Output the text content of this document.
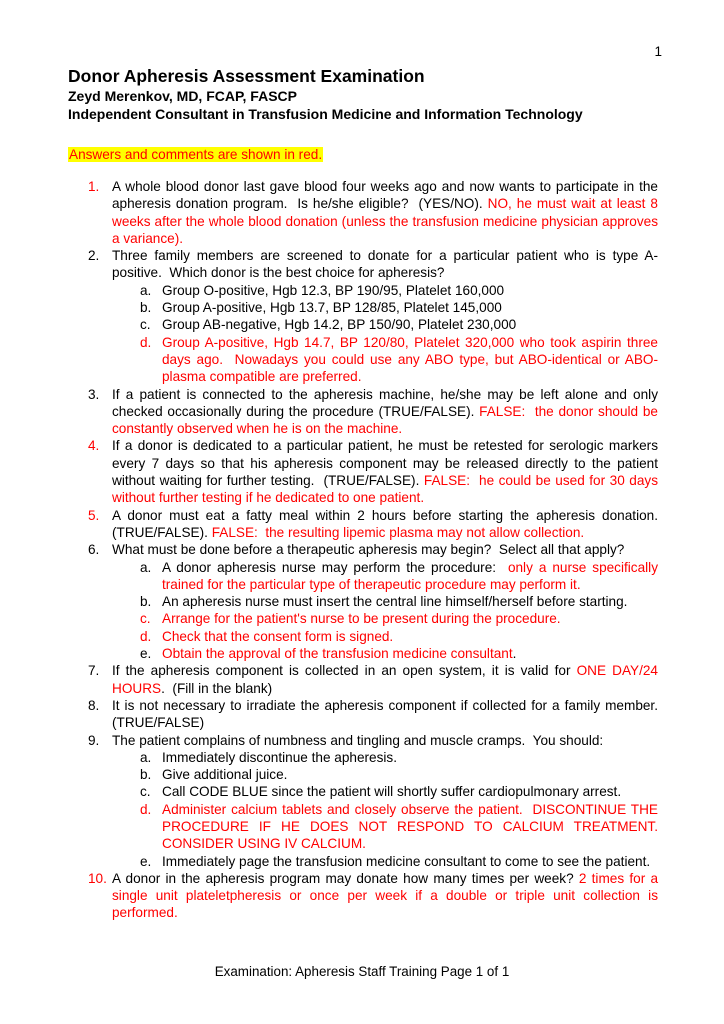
1
Donor Apheresis Assessment Examination
Zeyd Merenkov, MD, FCAP, FASCP
Independent Consultant in Transfusion Medicine and Information Technology
Answers and comments are shown in red.
1. A whole blood donor last gave blood four weeks ago and now wants to participate in the apheresis donation program.  Is he/she eligible?  (YES/NO). NO, he must wait at least 8 weeks after the whole blood donation (unless the transfusion medicine physician approves a variance).
2. Three family members are screened to donate for a particular patient who is type A-positive.  Which donor is the best choice for apheresis?
a. Group O-positive, Hgb 12.3, BP 190/95, Platelet 160,000
b. Group A-positive, Hgb 13.7, BP 128/85, Platelet 145,000
c. Group AB-negative, Hgb 14.2, BP 150/90, Platelet 230,000
d. Group A-positive, Hgb 14.7, BP 120/80, Platelet 320,000 who took aspirin three days ago.  Nowadays you could use any ABO type, but ABO-identical or ABO-plasma compatible are preferred.
3. If a patient is connected to the apheresis machine, he/she may be left alone and only checked occasionally during the procedure (TRUE/FALSE). FALSE:  the donor should be constantly observed when he is on the machine.
4. If a donor is dedicated to a particular patient, he must be retested for serologic markers every 7 days so that his apheresis component may be released directly to the patient without waiting for further testing.  (TRUE/FALSE). FALSE:  he could be used for 30 days without further testing if he dedicated to one patient.
5. A donor must eat a fatty meal within 2 hours before starting the apheresis donation.  (TRUE/FALSE). FALSE:  the resulting lipemic plasma may not allow collection.
6. What must be done before a therapeutic apheresis may begin?  Select all that apply?
a. A donor apheresis nurse may perform the procedure:  only a nurse specifically trained for the particular type of therapeutic procedure may perform it.
b. An apheresis nurse must insert the central line himself/herself before starting.
c. Arrange for the patient's nurse to be present during the procedure.
d. Check that the consent form is signed.
e. Obtain the approval of the transfusion medicine consultant.
7. If the apheresis component is collected in an open system, it is valid for ONE DAY/24 HOURS.  (Fill in the blank)
8. It is not necessary to irradiate the apheresis component if collected for a family member.  (TRUE/FALSE)
9. The patient complains of numbness and tingling and muscle cramps.  You should:
a. Immediately discontinue the apheresis.
b. Give additional juice.
c. Call CODE BLUE since the patient will shortly suffer cardiopulmonary arrest.
d. Administer calcium tablets and closely observe the patient.  DISCONTINUE THE PROCEDURE IF HE DOES NOT RESPOND TO CALCIUM TREATMENT.  CONSIDER USING IV CALCIUM.
e. Immediately page the transfusion medicine consultant to come to see the patient.
10. A donor in the apheresis program may donate how many times per week? 2 times for a single unit plateletpheresis or once per week if a double or triple unit collection is performed.
Examination: Apheresis Staff Training Page 1 of 1
